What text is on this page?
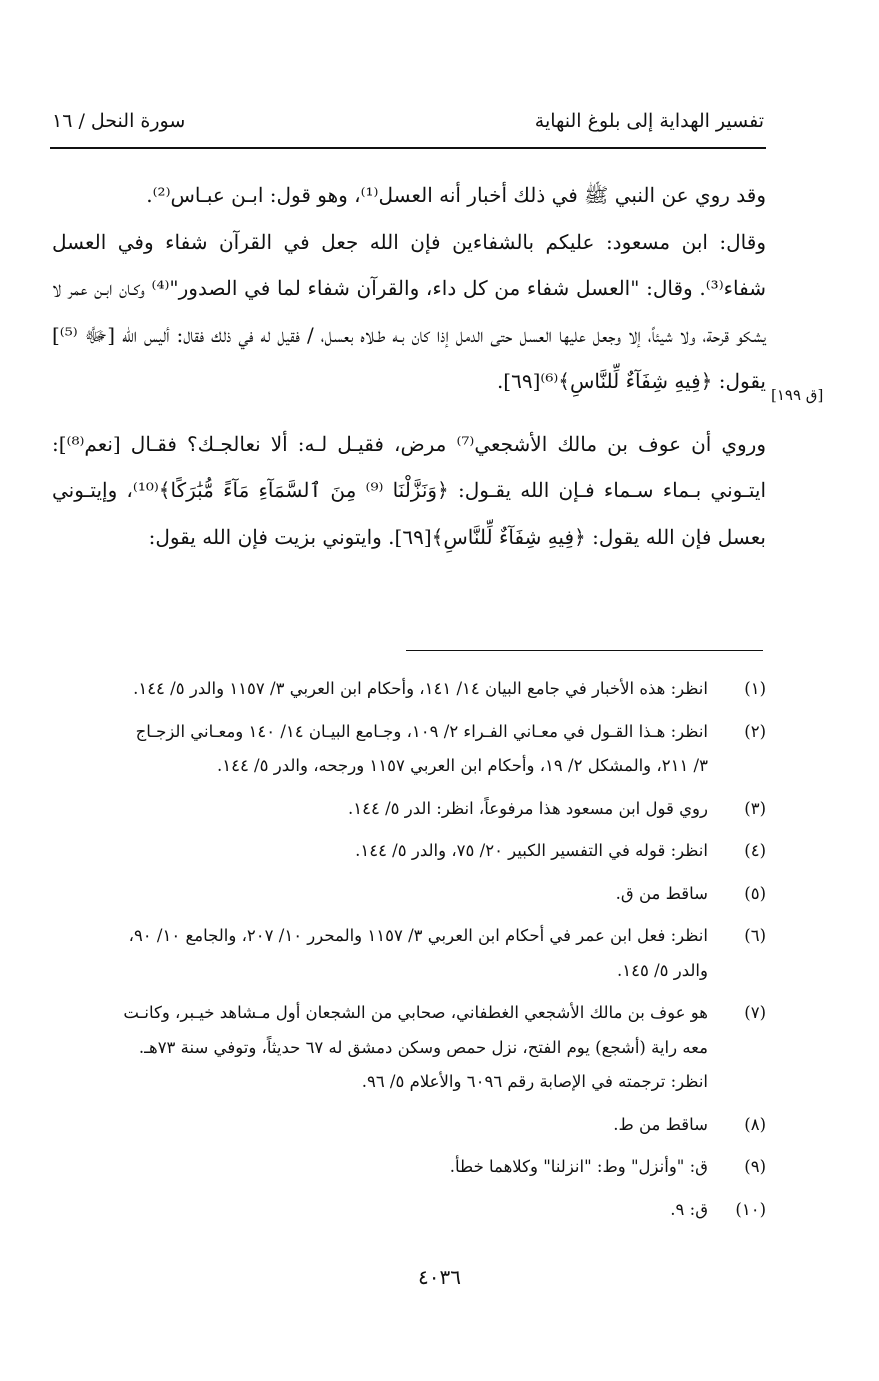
تفسير الهداية إلى بلوغ النهاية
سورة النحل / ١٦

وقد روي عن النبي ﷺ في ذلك أخبار أنه العسل⁽¹⁾، وهو قول: ابـن عبـاس⁽²⁾.

وقال: ابن مسعود: عليكم بالشفاءين فإن الله جعل في القرآن شفاء وفي العسل شفاء⁽³⁾. وقال: "العسل شفاء من كل داء، والقرآن شفاء لما في الصدور"⁽⁴⁾ وكـان ابـن عمر لا يشكو قرحة، ولا شيئاً، إلا وجعل عليها العسل حتى الدمل إذا كان بـه طـلاه بعسل، / فقيل له في ذلك فقال: أليس الله [ﷻ ⁽⁵⁾] يقول: ﴿فِيهِ شِفَآءٌ لِّلنَّاسِ﴾⁽⁶⁾[٦٩].

وروي أن عوف بن مالك الأشجعي⁽⁷⁾ مرض، فقيـل لـه: ألا نعالجـك؟ فقـال [نعم⁽⁸⁾]: ايتـوني بـماء سـماء فـإن الله يقـول: ﴿وَنَزَّلْنَا ⁽⁹⁾ مِنَ ٱلسَّمَآءِ مَآءً مُّبَٰرَكًا﴾⁽¹⁰⁾، وإيتـوني بعسل فإن الله يقول: ﴿فِيهِ شِفَآءٌ لِّلنَّاسِ﴾[٦٩]. وايتوني بزيت فإن الله يقول:

[ق ١٩٩]
(١)
انظر: هذه الأخبار في جامع البيان ١٤/ ١٤١، وأحكام ابن العربي ٣/ ١١٥٧ والدر ٥/ ١٤٤.
(٢)
انظر: هـذا القـول في معـاني الفـراء ٢/ ١٠٩، وجـامع البيـان ١٤/ ١٤٠ ومعـاني الزجـاج
٣/ ٢١١، والمشكل ٢/ ١٩، وأحكام ابن العربي ١١٥٧ ورجحه، والدر ٥/ ١٤٤.
(٣)
روي قول ابن مسعود هذا مرفوعاً، انظر: الدر ٥/ ١٤٤.
(٤)
انظر: قوله في التفسير الكبير ٢٠/ ٧٥، والدر ٥/ ١٤٤.
(٥)
ساقط من ق.
(٦)
انظر: فعل ابن عمر في أحكام ابن العربي ٣/ ١١٥٧ والمحرر ١٠/ ٢٠٧، والجامع ١٠/ ٩٠،
والدر ٥/ ١٤٥.
(٧)
هو عوف بن مالك الأشجعي الغطفاني، صحابي من الشجعان أول مـشاهد خيـبر، وكانـت
معه راية (أشجع) يوم الفتح، نزل حمص وسكن دمشق له ٦٧ حديثاً، وتوفي سنة ٧٣هـ.
انظر: ترجمته في الإصابة رقم ٦٠٩٦ والأعلام ٥/ ٩٦.
(٨)
ساقط من ط.
(٩)
ق: "وأنزل" وط: "انزلنا" وكلاهما خطأ.
(١٠)
ق: ٩.
٤٠٣٦
